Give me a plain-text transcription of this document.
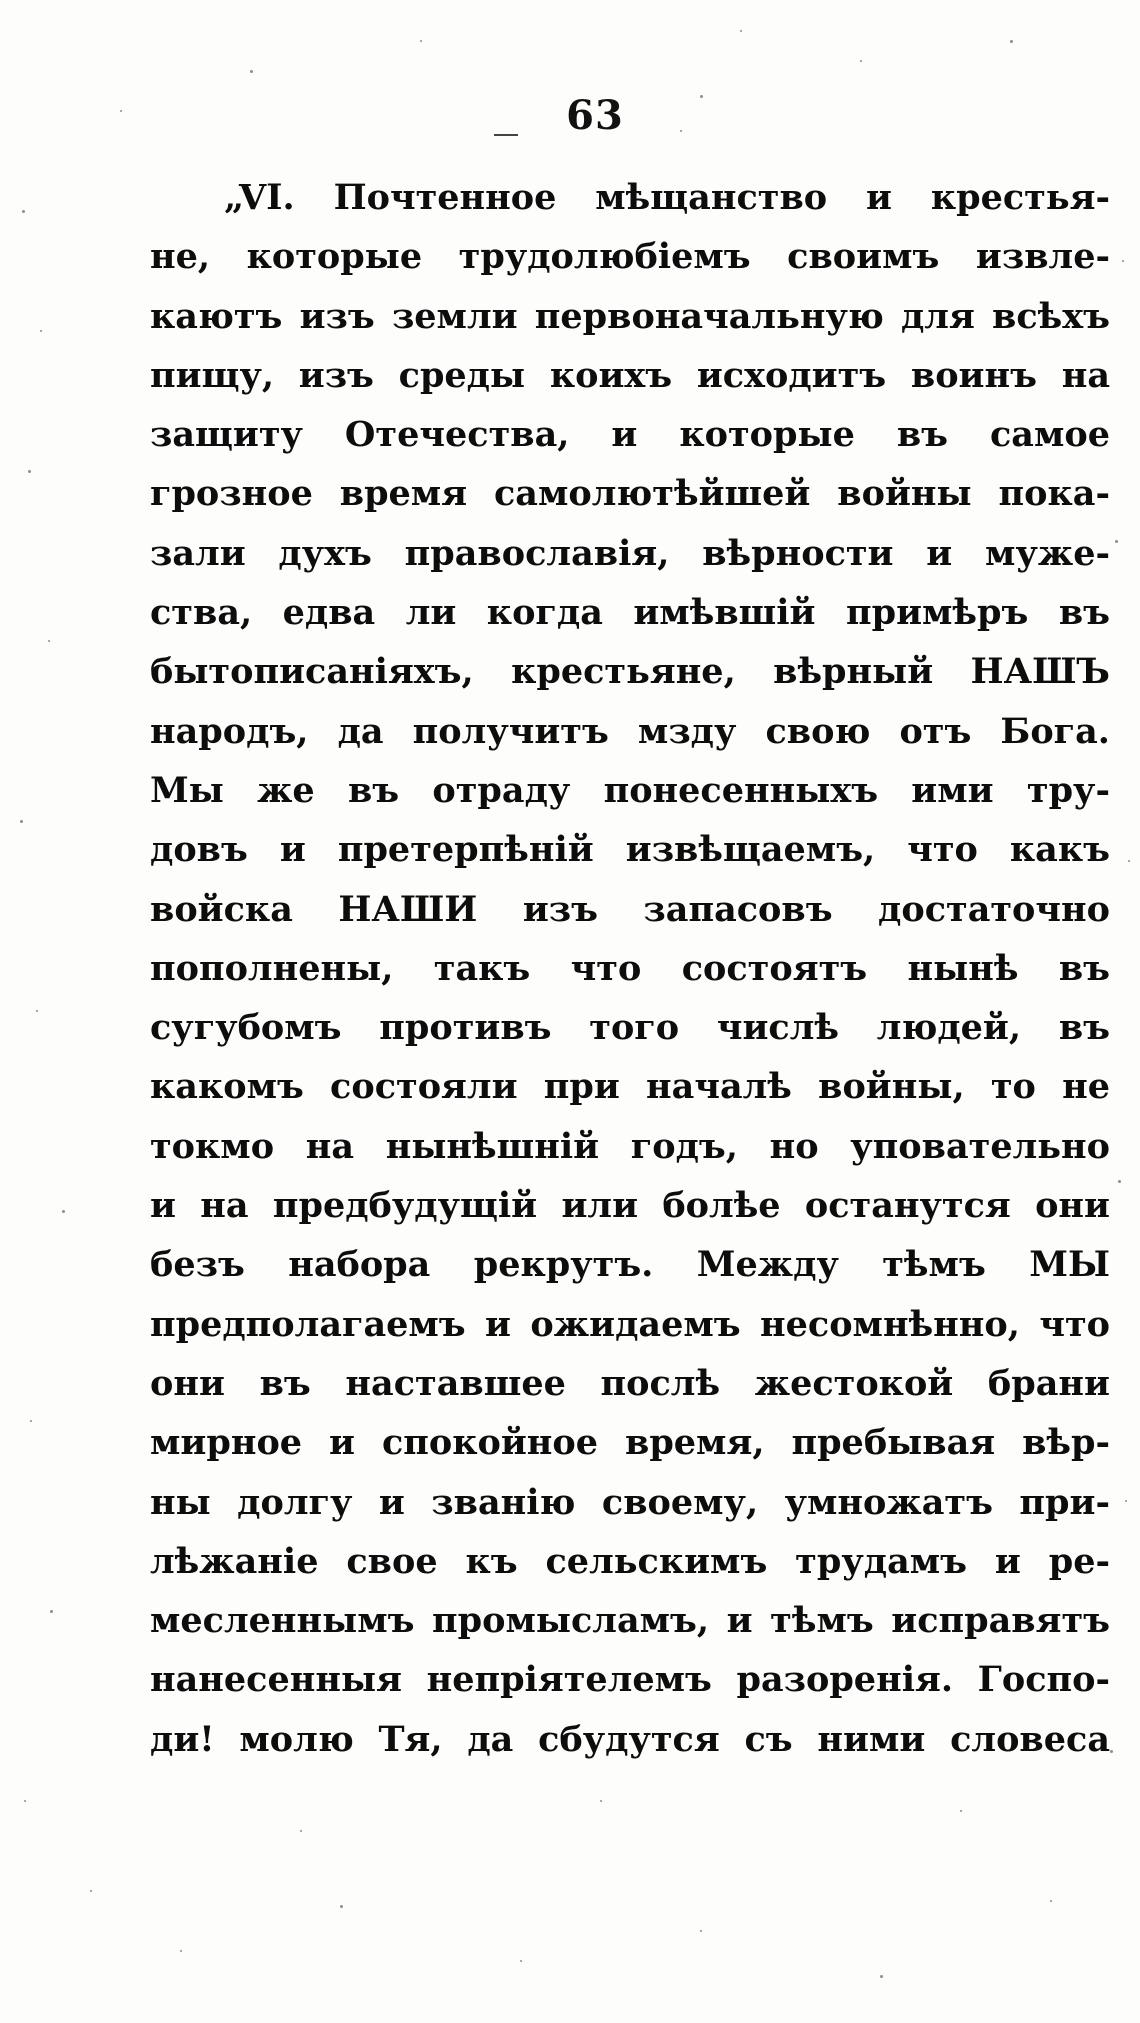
63
„VI. Почтенное мѣщанство и крестья-
не, которые трудолюбіемъ своимъ извле-
каютъ изъ земли первоначальную для всѣхъ
пищу, изъ среды коихъ исходитъ воинъ на
защиту Отечества, и которые въ самое
грозное время самолютѣйшей войны пока-
зали духъ православія, вѣрности и муже-
ства, едва ли когда имѣвшій примѣръ въ
бытописаніяхъ, крестьяне, вѣрный НАШЪ
народъ, да получитъ мзду свою отъ Бога.
Мы же въ отраду понесенныхъ ими тру-
довъ и претерпѣній извѣщаемъ, что какъ
войска НАШИ изъ запасовъ достаточно
пополнены, такъ что состоятъ нынѣ въ
сугубомъ противъ того числѣ людей, въ
какомъ состояли при началѣ войны, то не
токмо на нынѣшній годъ, но уповательно
и на предбудущій или болѣе останутся они
безъ набора рекрутъ. Между тѣмъ МЫ
предполагаемъ и ожидаемъ несомнѣнно, что
они въ наставшее послѣ жестокой брани
мирное и спокойное время, пребывая вѣр-
ны долгу и званію своему, умножатъ при-
лѣжаніе свое къ сельскимъ трудамъ и ре-
месленнымъ промысламъ, и тѣмъ исправятъ
нанесенныя непріятелемъ разоренія. Госпо-
ди! молю Тя, да сбудутся съ ними словеса
